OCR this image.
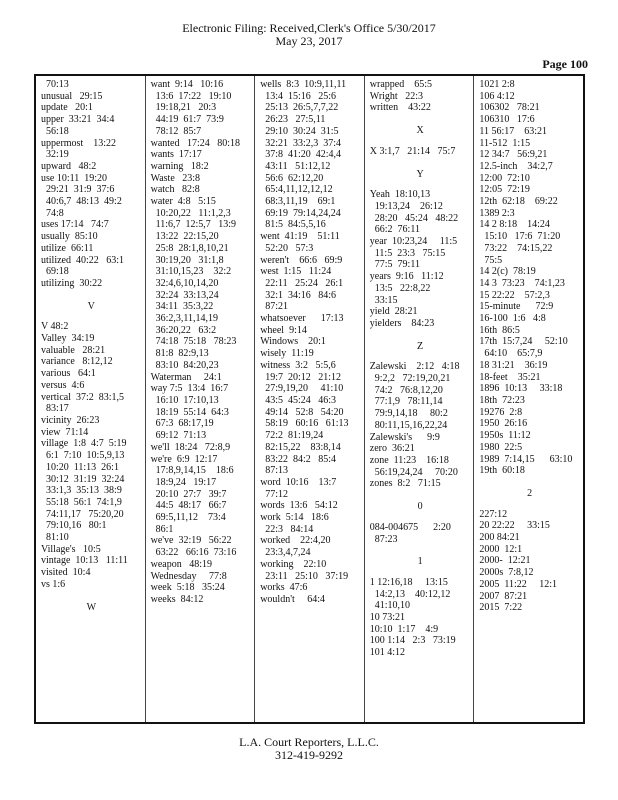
Electronic Filing: Received,Clerk's Office 5/30/2017
May 23, 2017
Page 100
70:13
unusual   29:15
update   20:1
upper  33:21  34:4
56:18
uppermost    13:22
32:19
upward   48:2
use 10:11  19:20
29:21  31:9  37:6
40:6,7  48:13  49:2
74:8
uses 17:14   74:7
usually  85:10
utilize  66:11
utilized  40:22   63:1
69:18
utilizing  30:22
V
V 48:2
Valley  34:19
valuable   28:21
variance   8:12,12
various   64:1
versus  4:6
vertical  37:2  83:1,5
83:17
vicinity  26:23
view  71:14
village  1:8  4:7  5:19
6:1  7:10  10:5,9,13
10:20  11:13  26:1
30:12  31:19  32:24
33:1,3  35:13  38:9
55:18  56:1  74:1,9
74:11,17   75:20,20
79:10,16   80:1
81:10
Village's   10:5
vintage  10:13   11:11
visited  10:4
vs 1:6
W
want  9:14   10:16
13:6  17:22   19:10
19:18,21   20:3
44:19  61:7  73:9
78:12  85:7
wanted   17:24   80:18
wants  17:17
warning   18:2
Waste   23:8
watch   82:8
water  4:8   5:15
10:20,22   11:1,2,3
11:6,7  12:5,7   13:9
13:22  22:15,20
25:8  28:1,8,10,21
30:19,20   31:1,8
31:10,15,23    32:2
32:4,6,10,14,20
32:24  33:13,24
34:11  35:3,22
36:2,3,11,14,19
36:20,22   63:2
74:18  75:18   78:23
81:8  82:9,13
83:10  84:20,23
Waterman     24:1
way 7:5  13:4  16:7
16:10  17:10,13
18:19  55:14  64:3
67:3  68:17,19
69:12  71:13
we'll  18:24   72:8,9
we're  6:9  12:17
17:8,9,14,15    18:6
18:9,24   19:17
20:10  27:7   39:7
44:5  48:17   66:7
69:5,11,12    73:4
86:1
we've  32:19   56:22
63:22   66:16  73:16
weapon   48:19
Wednesday     77:8
week  5:18   35:24
weeks  84:12
wells  8:3  10:9,11,11
13:4  15:16   25:6
25:13  26:5,7,7,22
26:23   27:5,11
29:10  30:24  31:5
32:21  33:2,3  37:4
37:8  41:20  42:4,4
43:11   51:12,12
56:6  62:12,20
65:4,11,12,12,12
68:3,11,19    69:1
69:19  79:14,24,24
81:5  84:5,5,16
went  41:19    51:11
52:20   57:3
weren't    66:6   69:9
west  1:15   11:24
22:11   25:24   26:1
32:1  34:16   84:6
87:21
whatsoever      17:13
wheel  9:14
Windows    20:1
wisely  11:19
witness  3:2   5:5,6
19:7  20:12   21:12
27:9,19,20     41:10
43:5  45:24   46:3
49:14   52:8   54:20
58:19   60:16   61:13
72:2  81:19,24
82:15,22    83:8,14
83:22  84:2   85:4
87:13
word  10:16    13:7
77:12
words  13:6   54:12
work  5:14   18:6
22:3   84:14
worked    22:4,20
23:3,4,7,24
working    22:10
23:11   25:10   37:19
works  47:6
wouldn't     64:4
wrapped    65:5
Wright   22:3
written    43:22
X
X 3:1,7   21:14   75:7
Y
Yeah  18:10,13
19:13,24    26:12
28:20   45:24   48:22
66:2  76:11
year  10:23,24     11:5
11:5  23:3   75:15
77:5  79:11
years  9:16   11:12
13:5   22:8,22
33:15
yield  28:21
yielders    84:23
Z
Zalewski    2:12   4:18
9:2,2   72:19,20,21
74:2   76:8,12,20
77:1,9   78:11,14
79:9,14,18     80:2
80:11,15,16,22,24
Zalewski's      9:9
zero  36:21
zone  11:23    16:18
56:19,24,24     70:20
zones  8:2   71:15
0
084-004675      2:20
87:23
1
1 12:16,18     13:15
14:2,13    40:12,12
41:10,10
10 73:21
10:10  1:17    4:9
100 1:14   2:3   73:19
101 4:12
1021 2:8
106 4:12
106302   78:21
106310   17:6
11 56:17    63:21
11-512  1:15
12 34:7   56:9,21
12.5-inch    34:2,7
12:00  72:10
12:05  72:19
12th  62:18    69:22
1389 2:3
14 2 8:18    14:24
15:10   17:6  71:20
73:22    74:15,22
75:5
14 2(c)  78:19
14 3  73:23    74:1,23
15 22:22    57:2,3
15-minute      72:9
16-100  1:6   4:8
16th  86:5
17th  15:7,24     52:10
64:10    65:7,9
18 31:21    36:19
18-feet    35:21
1896  10:13     33:18
18th  72:23
19276  2:8
1950  26:16
1950s  11:12
1980  22:5
1989  7:14,15      63:10
19th  60:18
2
227:12
20 22:22     33:15
200 84:21
2000  12:1
2000-  12:21
2000s  7:8,12
2005  11:22     12:1
2007  87:21
2015  7:22
L.A. Court Reporters, L.L.C.
312-419-9292
